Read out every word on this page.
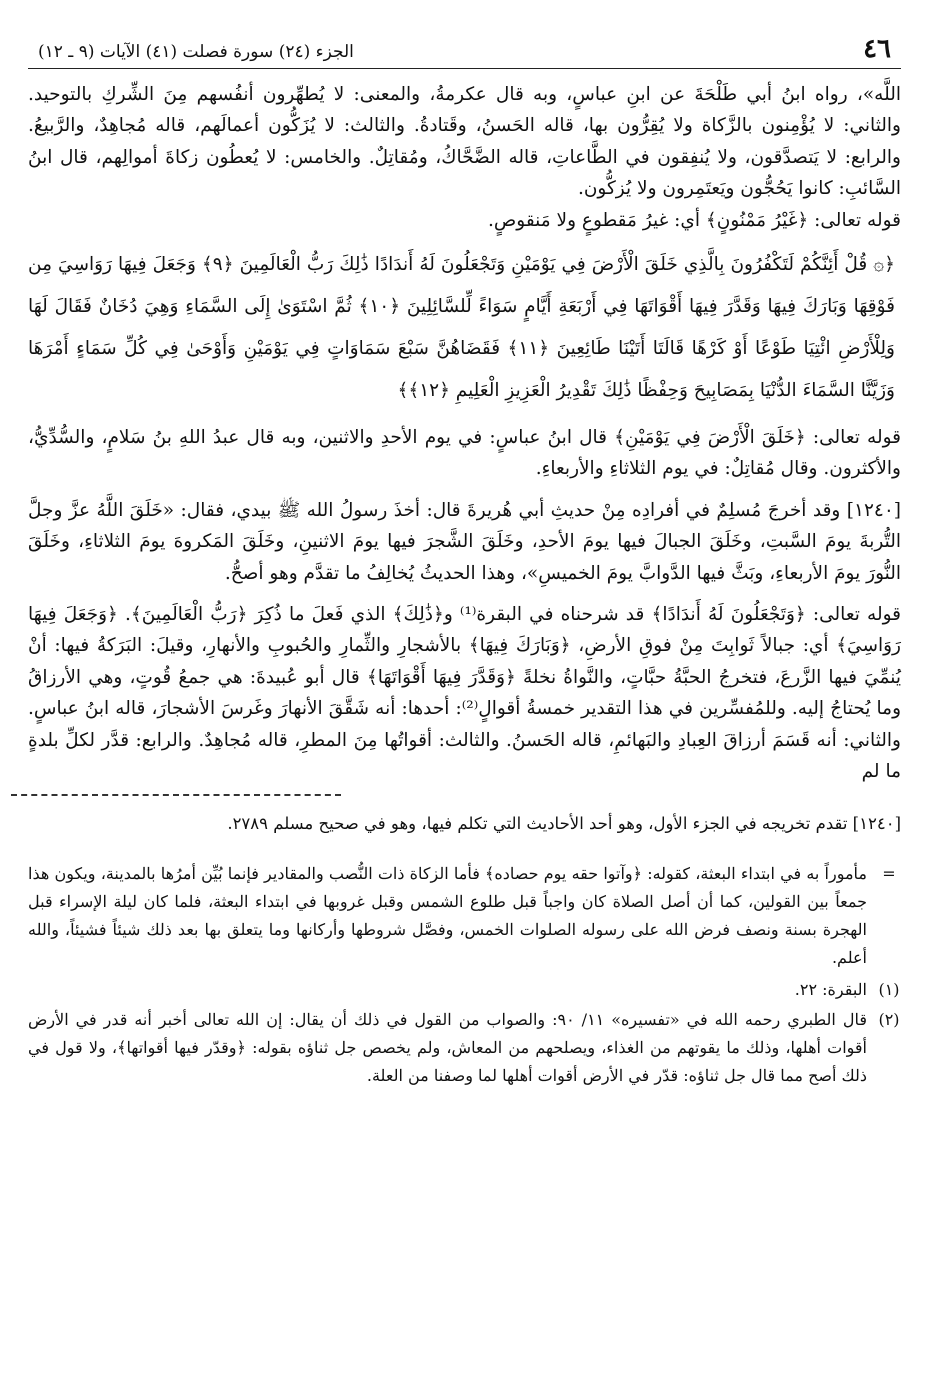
٤٦
الجزء (٢٤) سورة فصلت (٤١) الآيات (٩ ـ ١٢)

اللَّه»، رواه ابنُ أبي طَلْحَةَ عن ابنِ عباسٍ، وبه قال عكرمةُ، والمعنى: لا يُطهِّرون أنفُسهم مِنَ الشِّركِ بالتوحيد. والثاني: لا يُؤْمِنون بالزَّكاة ولا يُقِرُّون بها، قاله الحَسنُ، وقَتادةُ. والثالث: لا يُزَكُّون أعمالَهم، قاله مُجاهِدٌ، والرَّبيعُ. والرابع: لا يَتصدَّقون، ولا يُنفِقون في الطَّاعاتِ، قاله الضَّحَّاكُ، ومُقاتِلٌ. والخامس: لا يُعطُون زكاةَ أموالِهم، قال ابنُ السَّائبِ: كانوا يَحُجُّون ويَعتَمِرون ولا يُزكُّون.

قوله تعالى: ﴿غَيْرُ مَمْنُونٍ﴾ أي: غيرُ مَقطوعٍ ولا مَنقوصٍ.

﴿۞ قُلْ أَئِنَّكُمْ لَتَكْفُرُونَ بِالَّذِي خَلَقَ الْأَرْضَ فِي يَوْمَيْنِ وَتَجْعَلُونَ لَهُ أَندَادًا ذَٰلِكَ رَبُّ الْعَالَمِينَ ﴿٩﴾ وَجَعَلَ فِيهَا رَوَاسِيَ مِن فَوْقِهَا وَبَارَكَ فِيهَا وَقَدَّرَ فِيهَا أَقْوَاتَهَا فِي أَرْبَعَةِ أَيَّامٍ سَوَاءً لِّلسَّائِلِينَ ﴿١٠﴾ ثُمَّ اسْتَوَىٰ إِلَى السَّمَاءِ وَهِيَ دُخَانٌ فَقَالَ لَهَا وَلِلْأَرْضِ ائْتِيَا طَوْعًا أَوْ كَرْهًا قَالَتَا أَتَيْنَا طَائِعِينَ ﴿١١﴾ فَقَضَاهُنَّ سَبْعَ سَمَاوَاتٍ فِي يَوْمَيْنِ وَأَوْحَىٰ فِي كُلِّ سَمَاءٍ أَمْرَهَا وَزَيَّنَّا السَّمَاءَ الدُّنْيَا بِمَصَابِيحَ وَحِفْظًا ذَٰلِكَ تَقْدِيرُ الْعَزِيزِ الْعَلِيمِ ﴿١٢﴾﴾

قوله تعالى: ﴿خَلَقَ الْأَرْضَ فِي يَوْمَيْنِ﴾ قال ابنُ عباسٍ: في يوم الأحدِ والاثنين، وبه قال عبدُ اللهِ بنُ سَلامٍ، والسُّدِّيُّ، والأكثرون. وقال مُقاتِلٌ: في يوم الثلاثاءِ والأربعاءِ.

[١٢٤٠] وقد أخرجَ مُسلِمٌ في أفرادِه مِنْ حديثِ أبي هُريرةَ قال: أخذَ رسولُ الله ﷺ بيدي، فقال: «خَلَقَ اللَّهُ عزَّ وجلَّ التُّربةَ يومَ السَّبتِ، وخَلَقَ الجبالَ فيها يومَ الأحدِ، وخَلَقَ الشَّجرَ فيها يومَ الاثنينِ، وخَلَقَ المَكروهَ يومَ الثلاثاءِ، وخَلَقَ النُّورَ يومَ الأربعاءِ، وبَثَّ فيها الدَّوابَّ يومَ الخميسِ»، وهذا الحديثُ يُخالِفُ ما تقدَّم وهو أصحُّ.

قوله تعالى: ﴿وَتَجْعَلُونَ لَهُ أَندَادًا﴾ قد شرحناه في البقرة⁽¹⁾ و﴿ذَٰلِكَ﴾ الذي فَعلَ ما ذُكِرَ ﴿رَبُّ الْعَالَمِينَ﴾. ﴿وَجَعَلَ فِيهَا رَوَاسِيَ﴾ أي: جبالاً ثَوابِتَ مِنْ فوقِ الأرضِ، ﴿وَبَارَكَ فِيهَا﴾ بالأشجارِ والثِّمارِ والحُبوبِ والأنهارِ، وقيلَ: البَرَكةُ فيها: أنْ يُنمِّيَ فيها الزَّرعَ، فتخرجُ الحبَّةُ حبَّاتٍ، والنَّواةُ نخلةً ﴿وَقَدَّرَ فِيهَا أَقْوَاتَهَا﴾ قال أبو عُبيدةَ: هي جمعُ قُوتٍ، وهي الأرزاقُ وما يُحتاجُ إليه. وللمُفسِّرين في هذا التقدير خمسةُ أقوالٍ⁽²⁾: أحدها: أنه شَقَّقَ الأنهارَ وغَرسَ الأشجارَ، قاله ابنُ عباسٍ. والثاني: أنه قَسَمَ أرزاقَ العِبادِ والبَهائمِ، قاله الحَسنُ. والثالث: أقواتُها مِنَ المطرِ، قاله مُجاهِدٌ. والرابع: قدَّر لكلِّ بلدةٍ ما لم

[١٢٤٠] تقدم تخريجه في الجزء الأول، وهو أحد الأحاديث التي تكلم فيها، وهو في صحيح مسلم ٢٧٨٩.

=
مأموراً به في ابتداء البعثة، كقوله: ﴿وآتوا حقه يوم حصاده﴾ فأما الزكاة ذات النُّصب والمقادير فإنما بُيِّن أمرُها بالمدينة، ويكون هذا جمعاً بين القولين، كما أن أصل الصلاة كان واجباً قبل طلوع الشمس وقبل غروبها في ابتداء البعثة، فلما كان ليلة الإسراء قبل الهجرة بسنة ونصف فرض الله على رسوله الصلوات الخمس، وفصَّل شروطها وأركانها وما يتعلق بها بعد ذلك شيئاً فشيئاً، والله أعلم.
(١)
البقرة: ٢٢.
(٢)
قال الطبري رحمه الله في «تفسيره» ١١/ ٩٠: والصواب من القول في ذلك أن يقال: إن الله تعالى أخبر أنه قدر في الأرض أقوات أهلها، وذلك ما يقوتهم من الغذاء، ويصلحهم من المعاش، ولم يخصص جل ثناؤه بقوله: ﴿وقدّر فيها أقواتها﴾، ولا قول في ذلك أصح مما قال جل ثناؤه: قدّر في الأرض أقوات أهلها لما وصفنا من العلة.
